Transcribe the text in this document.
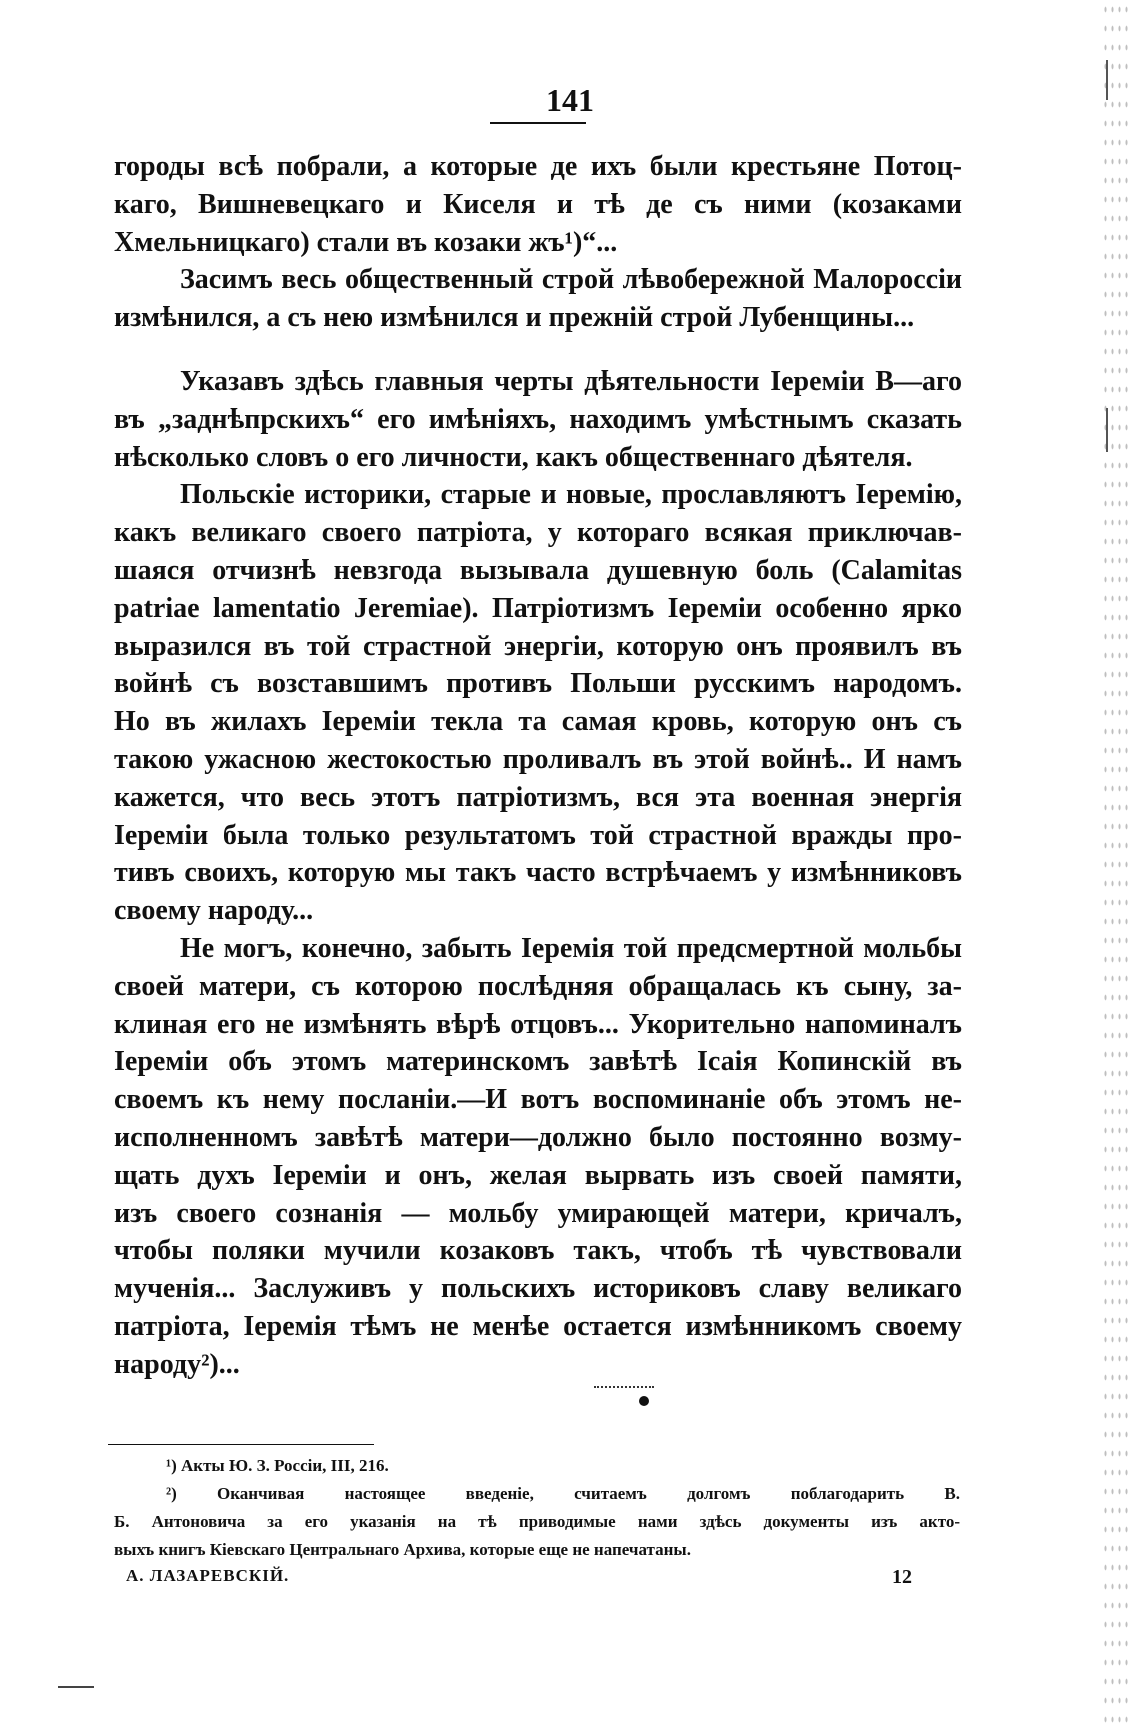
141
городы всѣ побрали, а которые де ихъ были крестьяне Потоц-
каго, Вишневецкаго и Киселя и тѣ де съ ними (козаками
Хмельницкаго) стали въ козаки жъ¹)“...
Засимъ весь общественный строй лѣвобережной Малороссіи
измѣнился, а съ нею измѣнился и прежній строй Лубенщины...
Указавъ здѣсь главныя черты дѣятельности Іереміи В—аго
въ „заднѣпрскихъ“ его имѣніяхъ, находимъ умѣстнымъ сказать
нѣсколько словъ о его личности, какъ общественнаго дѣятеля.
Польскіе историки, старые и новые, прославляютъ Іеремію,
какъ великаго своего патріота, у котораго всякая приключав-
шаяся отчизнѣ невзгода вызывала душевную боль (Calamitas
patriae lamentatio Jeremiae). Патріотизмъ Іереміи особенно ярко
выразился въ той страстной энергіи, которую онъ проявилъ въ
войнѣ съ возставшимъ противъ Польши русскимъ народомъ.
Но въ жилахъ Іереміи текла та самая кровь, которую онъ съ
такою ужасною жестокостью проливалъ въ этой войнѣ.. И намъ
кажется, что весь этотъ патріотизмъ, вся эта военная энергія
Іереміи была только результатомъ той страстной вражды про-
тивъ своихъ, которую мы такъ часто встрѣчаемъ у измѣнниковъ
своему народу...
Не могъ, конечно, забыть Іеремія той предсмертной мольбы
своей матери, съ которою послѣдняя обращалась къ сыну, за-
клиная его не измѣнять вѣрѣ отцовъ... Укорительно напоминалъ
Іереміи объ этомъ материнскомъ завѣтѣ Ісаія Копинскій въ
своемъ къ нему посланіи.—И вотъ воспоминаніе объ этомъ не-
исполненномъ завѣтѣ матери—должно было постоянно возму-
щать духъ Іереміи и онъ, желая вырвать изъ своей памяти,
изъ своего сознанія — мольбу умирающей матери, кричалъ,
чтобы поляки мучили козаковъ такъ, чтобъ тѣ чувствовали
мученія... Заслуживъ у польскихъ историковъ славу великаго
патріота, Іеремія тѣмъ не менѣе остается измѣнникомъ своему
народу²)...
¹) Акты Ю. З. Россіи, III, 216.
²) Оканчивая настоящее введеніе, считаемъ долгомъ поблагодарить В.
Б. Антоновича за его указанія на тѣ приводимые нами здѣсь документы изъ акто-
выхъ книгъ Кіевскаго Центральнаго Архива, которые еще не напечатаны.
А. ЛАЗАРЕВСКІЙ.	12
